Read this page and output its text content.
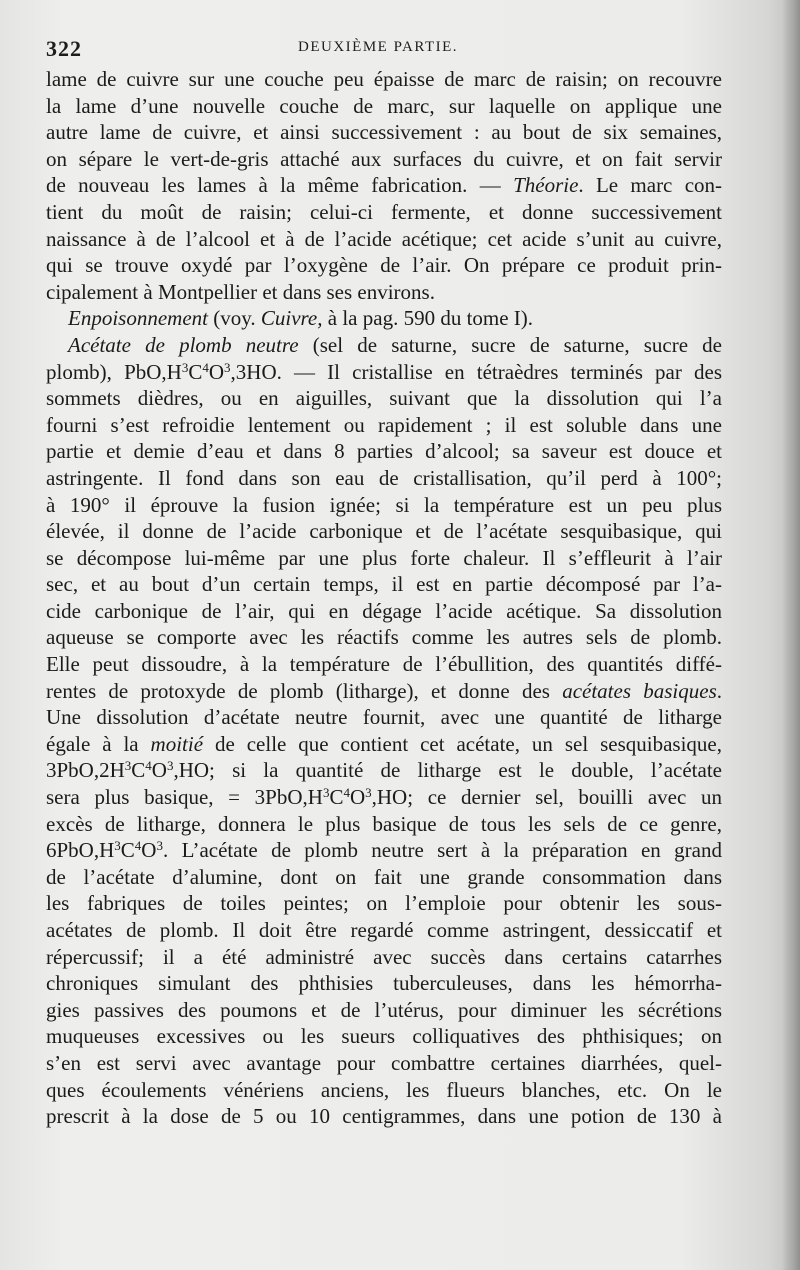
322	DEUXIÈME PARTIE.
lame de cuivre sur une couche peu épaisse de marc de raisin; on recouvre
la lame d’une nouvelle couche de marc, sur laquelle on applique une
autre lame de cuivre, et ainsi successivement : au bout de six semaines,
on sépare le vert-de-gris attaché aux surfaces du cuivre, et on fait servir
de nouveau les lames à la même fabrication. — Théorie. Le marc con-
tient du moût de raisin; celui-ci fermente, et donne successivement
naissance à de l’alcool et à de l’acide acétique; cet acide s’unit au cuivre,
qui se trouve oxydé par l’oxygène de l’air. On prépare ce produit prin-
cipalement à Montpellier et dans ses environs.
Enpoisonnement (voy. Cuivre, à la pag. 590 du tome I).
Acétate de plomb neutre (sel de saturne, sucre de saturne, sucre de
plomb), $PbO,H^3C^4O^3,3HO$. — Il cristallise en tétraèdres terminés par des
sommets dièdres, ou en aiguilles, suivant que la dissolution qui l’a
fourni s’est refroidie lentement ou rapidement ; il est soluble dans une
partie et demie d’eau et dans 8 parties d’alcool; sa saveur est douce et
astringente. Il fond dans son eau de cristallisation, qu’il perd à 100°;
à 190° il éprouve la fusion ignée; si la température est un peu plus
élevée, il donne de l’acide carbonique et de l’acétate sesquibasique, qui
se décompose lui-même par une plus forte chaleur. Il s’effleurit à l’air
sec, et au bout d’un certain temps, il est en partie décomposé par l’a-
cide carbonique de l’air, qui en dégage l’acide acétique. Sa dissolution
aqueuse se comporte avec les réactifs comme les autres sels de plomb.
Elle peut dissoudre, à la température de l’ébullition, des quantités diffé-
rentes de protoxyde de plomb (litharge), et donne des acétates basiques.
Une dissolution d’acétate neutre fournit, avec une quantité de litharge
égale à la moitié de celle que contient cet acétate, un sel sesquibasique,
$3PbO,2H^3C^4O^3,HO$; si la quantité de litharge est le double, l’acétate
sera plus basique, = $3PbO,H^3C^4O^3,HO$; ce dernier sel, bouilli avec un
excès de litharge, donnera le plus basique de tous les sels de ce genre,
$6PbO,H^3C^4O^3$. L’acétate de plomb neutre sert à la préparation en grand
de l’acétate d’alumine, dont on fait une grande consommation dans
les fabriques de toiles peintes; on l’emploie pour obtenir les sous-
acétates de plomb. Il doit être regardé comme astringent, dessiccatif et
répercussif; il a été administré avec succès dans certains catarrhes
chroniques simulant des phthisies tuberculeuses, dans les hémorrha-
gies passives des poumons et de l’utérus, pour diminuer les sécrétions
muqueuses excessives ou les sueurs colliquatives des phthisiques; on
s’en est servi avec avantage pour combattre certaines diarrhées, quel-
ques écoulements vénériens anciens, les flueurs blanches, etc. On le
prescrit à la dose de 5 ou 10 centigrammes, dans une potion de 130 à
